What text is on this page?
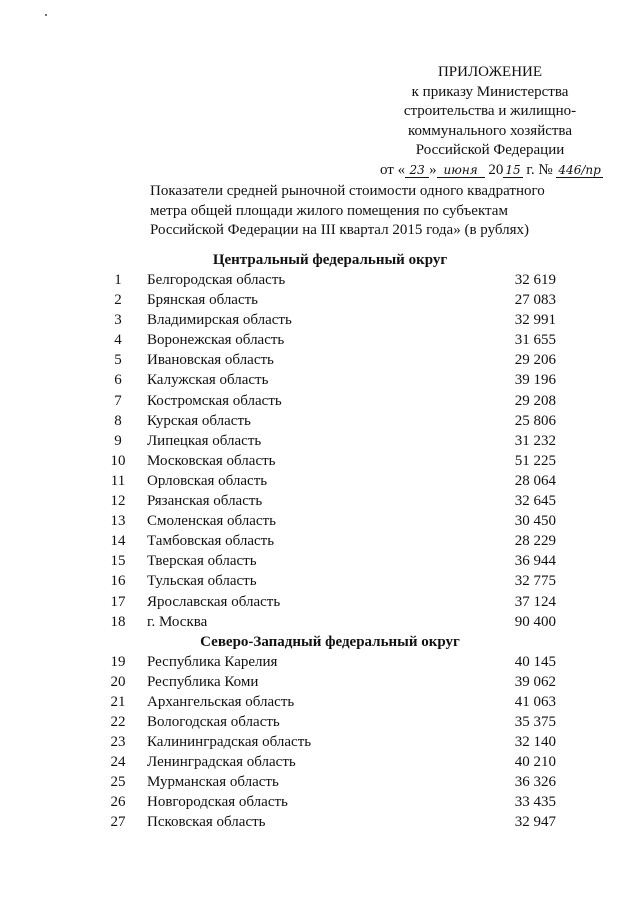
ПРИЛОЖЕНИЕ
к приказу Министерства
строительства и жилищно-
коммунального хозяйства
Российской Федерации
от « 23 » июня 20 15 г. № 446/пр
Показатели средней рыночной стоимости одного квадратного
метра общей площади жилого помещения по субъектам
Российской Федерации на III квартал 2015 года» (в рублях)
Центральный федеральный округ
1	Белгородская область	32 619
2	Брянская область	27 083
3	Владимирская область	32 991
4	Воронежская область	31 655
5	Ивановская область	29 206
6	Калужская область	39 196
7	Костромская область	29 208
8	Курская область	25 806
9	Липецкая область	31 232
10 Московская область	51 225
11 Орловская область	28 064
12 Рязанская область	32 645
13 Смоленская область	30 450
14 Тамбовская область	28 229
15 Тверская область	36 944
16 Тульская область	32 775
17 Ярославская область	37 124
18 г. Москва	90 400
Северо-Западный федеральный округ
19 Республика Карелия	40 145
20 Республика Коми	39 062
21 Архангельская область	41 063
22 Вологодская область	35 375
23 Калининградская область	32 140
24 Ленинградская область	40 210
25 Мурманская область	36 326
26 Новгородская область	33 435
27 Псковская область	32 947
